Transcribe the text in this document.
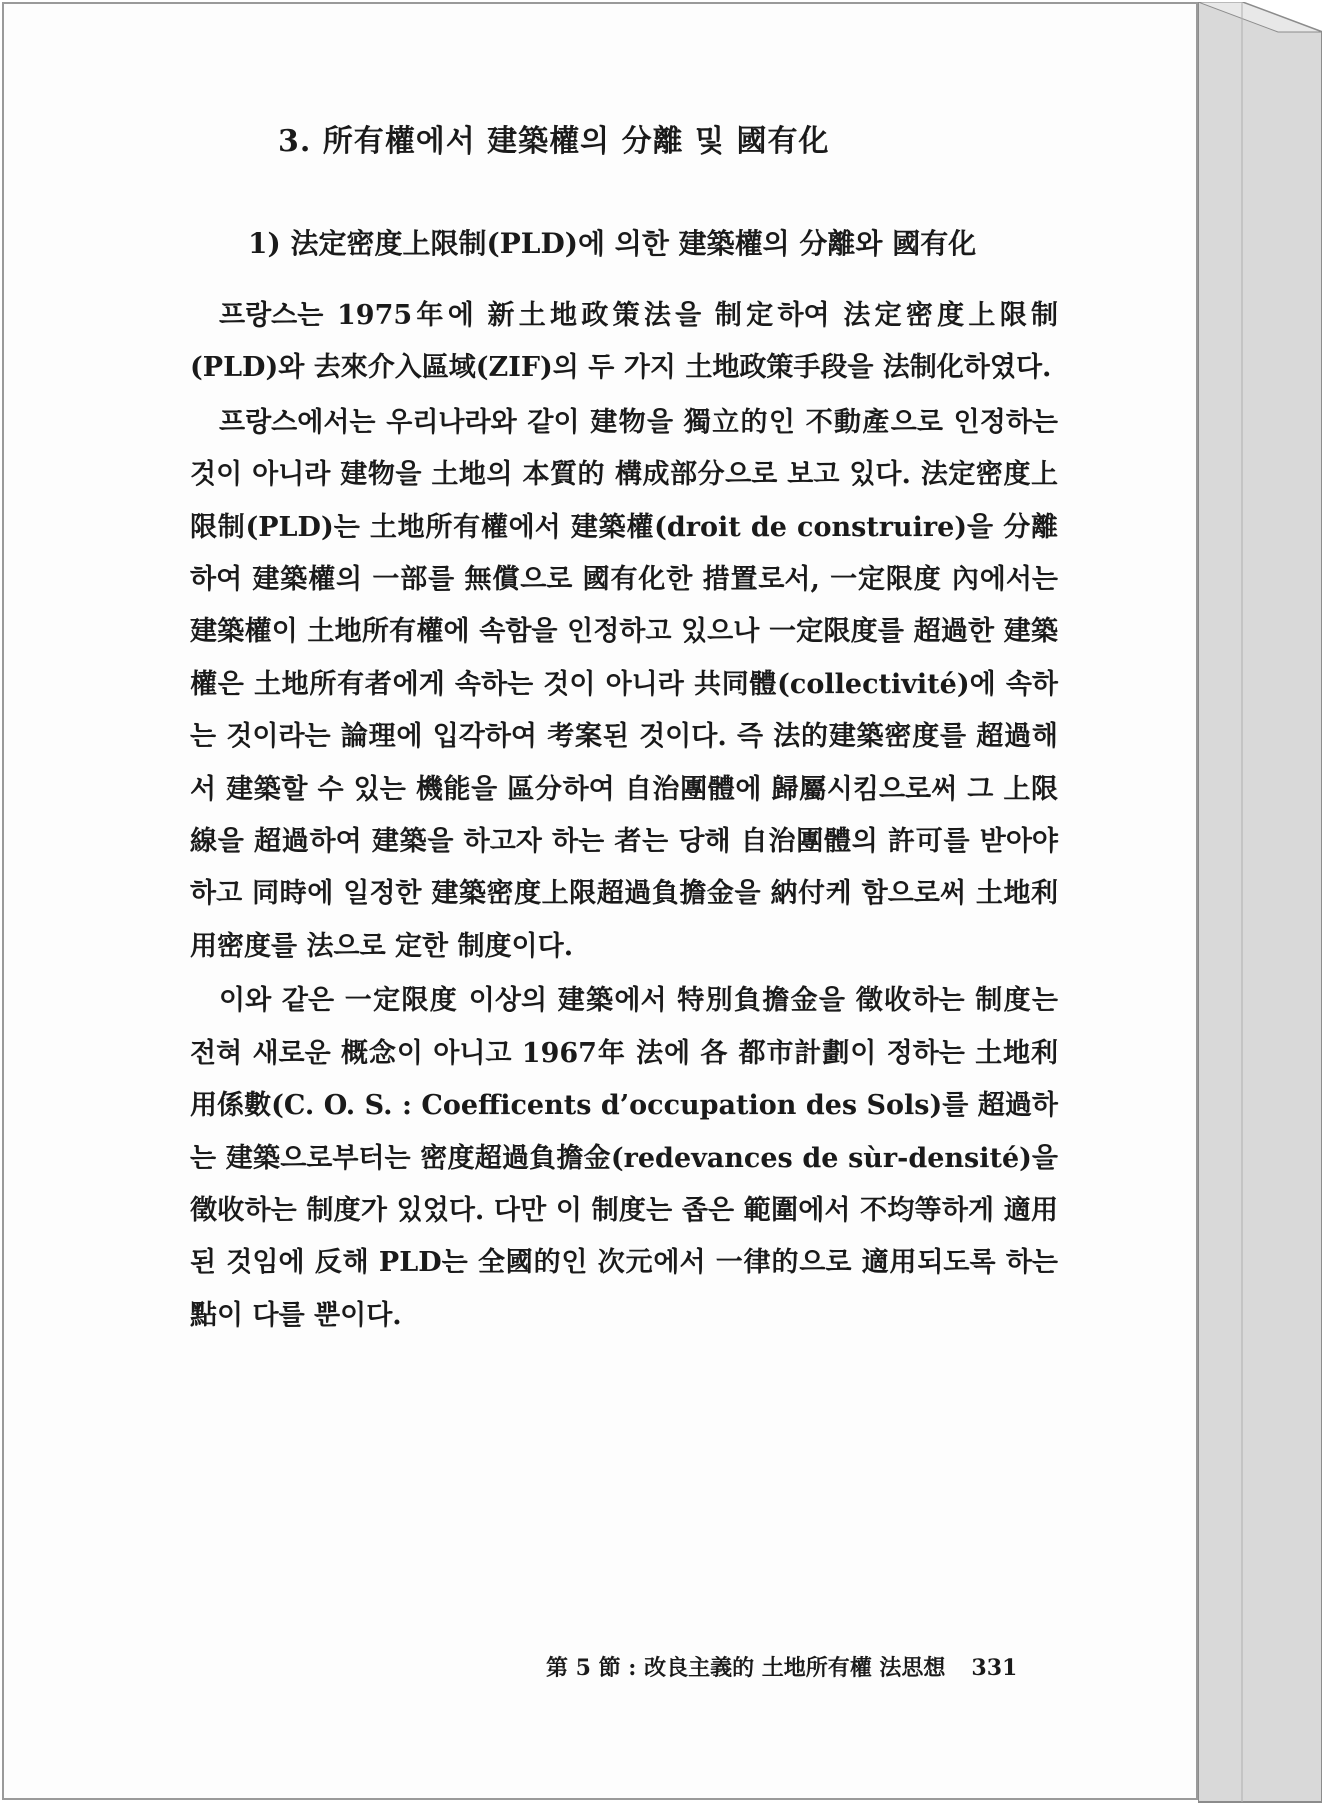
3. 所有權에서 建築權의 分離 및 國有化
1) 法定密度上限制(PLD)에 의한 建築權의 分離와 國有化

프랑스는 1975年에 新土地政策法을 制定하여 法定密度上限制(PLD)와 去來介入區域(ZIF)의 두 가지 土地政策手段을 法制化하였다.

프랑스에서는 우리나라와 같이 建物을 獨立的인 不動產으로 인정하는 것이 아니라 建物을 土地의 本質的 構成部分으로 보고 있다. 法定密度上限制(PLD)는 土地所有權에서 建築權(droit de construire)을 分離하여 建築權의 一部를 無償으로 國有化한 措置로서, 一定限度 內에서는 建築權이 土地所有權에 속함을 인정하고 있으나 一定限度를 超過한 建築權은 土地所有者에게 속하는 것이 아니라 共同體(collectivité)에 속하는 것이라는 論理에 입각하여 考案된 것이다. 즉 法的建築密度를 超過해서 建築할 수 있는 機能을 區分하여 自治團體에 歸屬시킴으로써 그 上限線을 超過하여 建築을 하고자 하는 者는 당해 自治團體의 許可를 받아야 하고 同時에 일정한 建築密度上限超過負擔金을 納付케 함으로써 土地利用密度를 法으로 定한 制度이다.

이와 같은 一定限度 이상의 建築에서 特別負擔金을 徵收하는 制度는 전혀 새로운 概念이 아니고 1967年 法에 各 都市計劃이 정하는 土地利用係數(C. O. S. : Coefficents d’occupation des Sols)를 超過하는 建築으로부터는 密度超過負擔金(redevances de sùr-densité)을 徵收하는 制度가 있었다. 다만 이 制度는 좁은 範圍에서 不均等하게 適用된 것임에 反해 PLD는 全國的인 次元에서 一律的으로 適用되도록 하는 點이 다를 뿐이다.

第 5 節 : 改良主義的 土地所有權 法思想 331
